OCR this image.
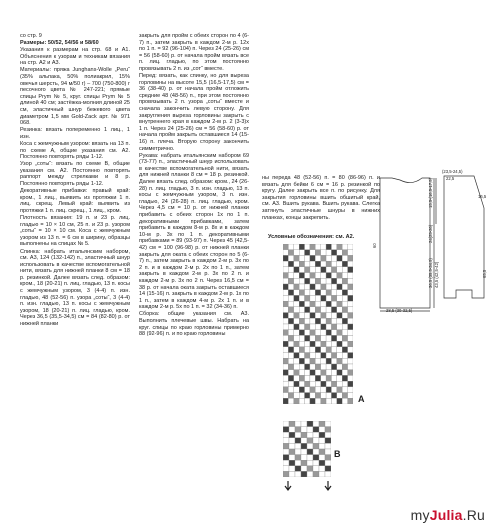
со стр. 9

Размеры: 50/52, 54/56 и 58/60

Указания к размерам на стр. 68 и А1. Объяснения к узорам и техникам вязания на стр. А2 и А3.

Материалы: пряжа Junghans-Wolle „Peru“ (35% альпака, 50% полиакрил, 15% овечья шерсть, 94 м/50 г) – 700 (750-800) г песочного цвета № 247-221; прямые спицы Prym № 5, круг. спицы Prym № 5 длиной 40 см; застёжка-молния длиной 25 см, эластичный шнур бежевого цвета диаметром 1,5 мм Gold-Zack арт. № 971 068.

Резинка: вязать попеременно 1 лиц., 1 изн.

Коса с жемчужным узором: вязать на 13 п. по схеме А, общие указания см. А2. Постоянно повторять ряды 1-12.

Узор „соты“: вязать по схеме В, общие указания см. А2. Постоянно повторять раппорт между стрелками и 8 р. Постоянно повторять ряды 1-12.

Декоративные прибавки: правый край: кром., 1 лиц., выявить из протяжки 1 п. лиц. скрещ. Левый край: выявить из протяжки 1 п. лиц. скрещ., 1 лиц., кром.

Плотность вязания: 19 п. и 23 р. лиц. гладью = 10 × 10 см, 25 п. и 23 р. узором „соты“ = 10 × 10 см. Коса с жемчужным узором из 13 п. = 6 см в ширину, образцы выполнены на спицах № 5.

Спинка: набрать итальянским набором, см. А3, 124 (132-142) п., эластичный шнур использовать в качестве вспомогательной нити, вязать для нижней планки 8 см = 18 р. резинкой. Далее вязать след. образом: кром., 18 (20-21) п. лиц. гладью, 13 п. косы с жемчужным узором, 3 (4-4) п. изн. гладью, 48 (52-56) п. узора „соты“, 3 (4-4) п. изн. гладью, 13 п. косы с жемчужным узором, 18 (20-21) п. лиц. гладью, кром. Через 36,5 (35,5-34,5) см = 84 (82-80) р. от нижней планки

закрыть для пройм с обеих сторон по 4 (6-7) п., затем закрыть в каждом 2-м р. 12x по 1 п. = 92 (96-104) п. Через 24 (25-26) см = 56 (58-60) р. от начала пройм вязать все п. лиц. гладью, по этом постоянно провязывать 2 п. из „сот“ вместе.

Перед: вязать, как спинку, но для выреза горловины на высоте 15,5 (16,5-17,5) см = 36 (38-40) р. от начала пройм отложить средние 48 (48-56) п., при этом постоянно провязывать 2 п. узора „соты“ вместе и сначала закончить левую сторону. Для закругления выреза горловины закрыть с внутреннего края в каждом 2-м р. 2 (3-3)x 1 п. Через 24 (25-26) см = 56 (58-60) р. от начала пройм закрыть оставшиеся 14 (15-16) п. плеча. Вторую сторону закончить симметрично.

Рукава: набрать итальянским набором 69 (73-77) п., эластичный шнур использовать в качестве вспомогательной нити, вязать для нижней планки 8 см = 18 р. резинкой. Далее вязать след. образом: кром., 24 (26-28) п. лиц. гладью, 3 п. изн. гладью, 13 п. косы с жемчужным узором, 3 п. изн. гладью, 24 (26-28) п. лиц. гладью, кром. Через 4,5 см = 10 р. от нижней планки прибавить с обеих сторон 1x по 1 п. декоративными прибавками, затем прибавить в каждом 8-м р. 8x и в каждом 10-м р. 3x по 1 п. декоративными прибавками = 89 (93-97) п. Через 45 (42,5-42) см = 100 (96-98) р. от нижней планки закрыть для оката с обеих сторон по 5 (6-7) п., затем закрыть в каждом 2-м р. 3x по 2 п. и в каждом 2-м р. 2x по 1 п., затем закрыть в каждом 2-м р. 3x по 2 п. и каждом 2-м р. 3x по 2 п. Через 16,5 см = 38 р. от начала оката закрыть оставшиеся 14 (15-16) п. закрыть в каждом 2-м р. 1x по 1 п., затем в каждом 4-м р. 2x 1 п. и в каждом 2-м р. 5x по 1 п. = 32 (34-36) п.

Сборка: общие указания см. А3. Выполнить плечевые швы. Набрать на круг. спицы по краю горловины примерно 88 (92-96) п. и по краю горловины

ны переда 48 (52-56) п. = 80 (86-96) п. и вязать для бейки 6 см = 16 р. резинкой по кругу. Далее закрыть все п. по рисунку. Для закрытия горловины вшить обшитый край, см. А3. Вшить рукава. Вшить рукава. Слегка затянуть эластичные шнуры в нижних планках, концы закрепить.

Условные обозначения: см. А2.
A
B
(23,5-24,5)
22,5
28,5 (30-32,5)
65,5
24(25-26)
36,5 (35,5-34,5) 43,5 (42,5-42)
60
15,5-(16,5-17,5)	16,5
myJulia.Ru
